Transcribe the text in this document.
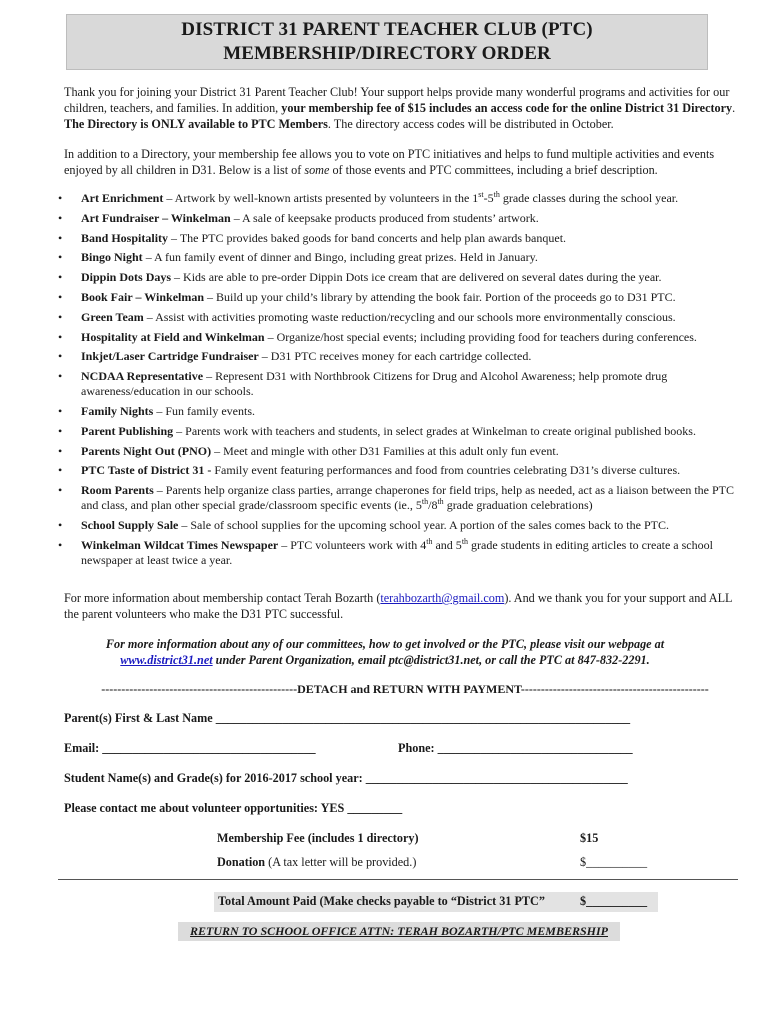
DISTRICT 31 PARENT TEACHER CLUB (PTC)
MEMBERSHIP/DIRECTORY ORDER
Thank you for joining your District 31 Parent Teacher Club! Your support helps provide many wonderful programs and activities for our children, teachers, and families. In addition, your membership fee of $15 includes an access code for the online District 31 Directory. The Directory is ONLY available to PTC Members. The directory access codes will be distributed in October.
In addition to a Directory, your membership fee allows you to vote on PTC initiatives and helps to fund multiple activities and events enjoyed by all children in D31. Below is a list of some of those events and PTC committees, including a brief description.
• Art Enrichment – Artwork by well-known artists presented by volunteers in the 1st-5th grade classes during the school year.
• Art Fundraiser – Winkelman – A sale of keepsake products produced from students’ artwork.
• Band Hospitality – The PTC provides baked goods for band concerts and help plan awards banquet.
• Bingo Night – A fun family event of dinner and Bingo, including great prizes. Held in January.
• Dippin Dots Days – Kids are able to pre-order Dippin Dots ice cream that are delivered on several dates during the year.
• Book Fair – Winkelman – Build up your child’s library by attending the book fair. Portion of the proceeds go to D31 PTC.
• Green Team – Assist with activities promoting waste reduction/recycling and our schools more environmentally conscious.
• Hospitality at Field and Winkelman – Organize/host special events; including providing food for teachers during conferences.
• Inkjet/Laser Cartridge Fundraiser – D31 PTC receives money for each cartridge collected.
• NCDAA Representative – Represent D31 with Northbrook Citizens for Drug and Alcohol Awareness; help promote drug awareness/education in our schools.
• Family Nights – Fun family events.
• Parent Publishing – Parents work with teachers and students, in select grades at Winkelman to create original published books.
• Parents Night Out (PNO) – Meet and mingle with other D31 Families at this adult only fun event.
• PTC Taste of District 31 - Family event featuring performances and food from countries celebrating D31’s diverse cultures.
• Room Parents – Parents help organize class parties, arrange chaperones for field trips, help as needed, act as a liaison between the PTC and class, and plan other special grade/classroom specific events (ie., 5th/8th grade graduation celebrations)
• School Supply Sale – Sale of school supplies for the upcoming school year. A portion of the sales comes back to the PTC.
• Winkelman Wildcat Times Newspaper – PTC volunteers work with 4th and 5th grade students in editing articles to create a school newspaper at least twice a year.
For more information about membership contact Terah Bozarth (terahbozarth@gmail.com). And we thank you for your support and ALL the parent volunteers who make the D31 PTC successful.
For more information about any of our committees, how to get involved or the PTC, please visit our webpage at
www.district31.net under Parent Organization, email ptc@district31.net, or call the PTC at 847-832-2291.
-------------------------------------------------DETACH and RETURN WITH PAYMENT-----------------------------------------------
Parent(s) First & Last Name ____________________________________________________________________
Email: ___________________________________	Phone: ________________________________
Student Name(s) and Grade(s) for 2016-2017 school year: ___________________________________________
Please contact me about volunteer opportunities: YES _________
Membership Fee (includes 1 directory)	$15
Donation (A tax letter will be provided.)	$__________
Total Amount Paid (Make checks payable to “District 31 PTC”	$__________
RETURN TO SCHOOL OFFICE ATTN: TERAH BOZARTH/PTC MEMBERSHIP
